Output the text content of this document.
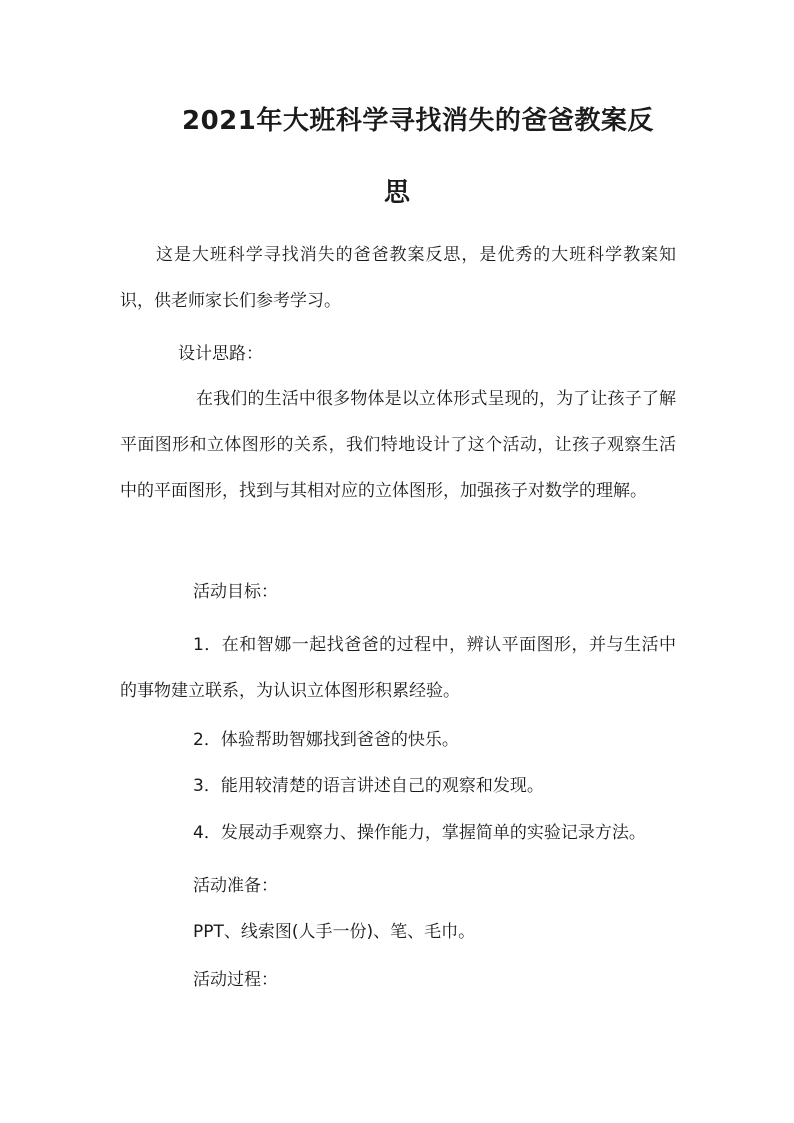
2021年大班科学寻找消失的爸爸教案反
思

这是大班科学寻找消失的爸爸教案反思，是优秀的大班科学教案知识，供老师家长们参考学习。

设计思路：

在我们的生活中很多物体是以立体形式呈现的，为了让孩子了解平面图形和立体图形的关系，我们特地设计了这个活动，让孩子观察生活中的平面图形，找到与其相对应的立体图形，加强孩子对数学的理解。

活动目标：

1．在和智娜一起找爸爸的过程中，辨认平面图形，并与生活中的事物建立联系，为认识立体图形积累经验。

2．体验帮助智娜找到爸爸的快乐。
3．能用较清楚的语言讲述自己的观察和发现。
4．发展动手观察力、操作能力，掌握简单的实验记录方法。
活动准备：
PPT、线索图(人手一份)、笔、毛巾。
活动过程：
